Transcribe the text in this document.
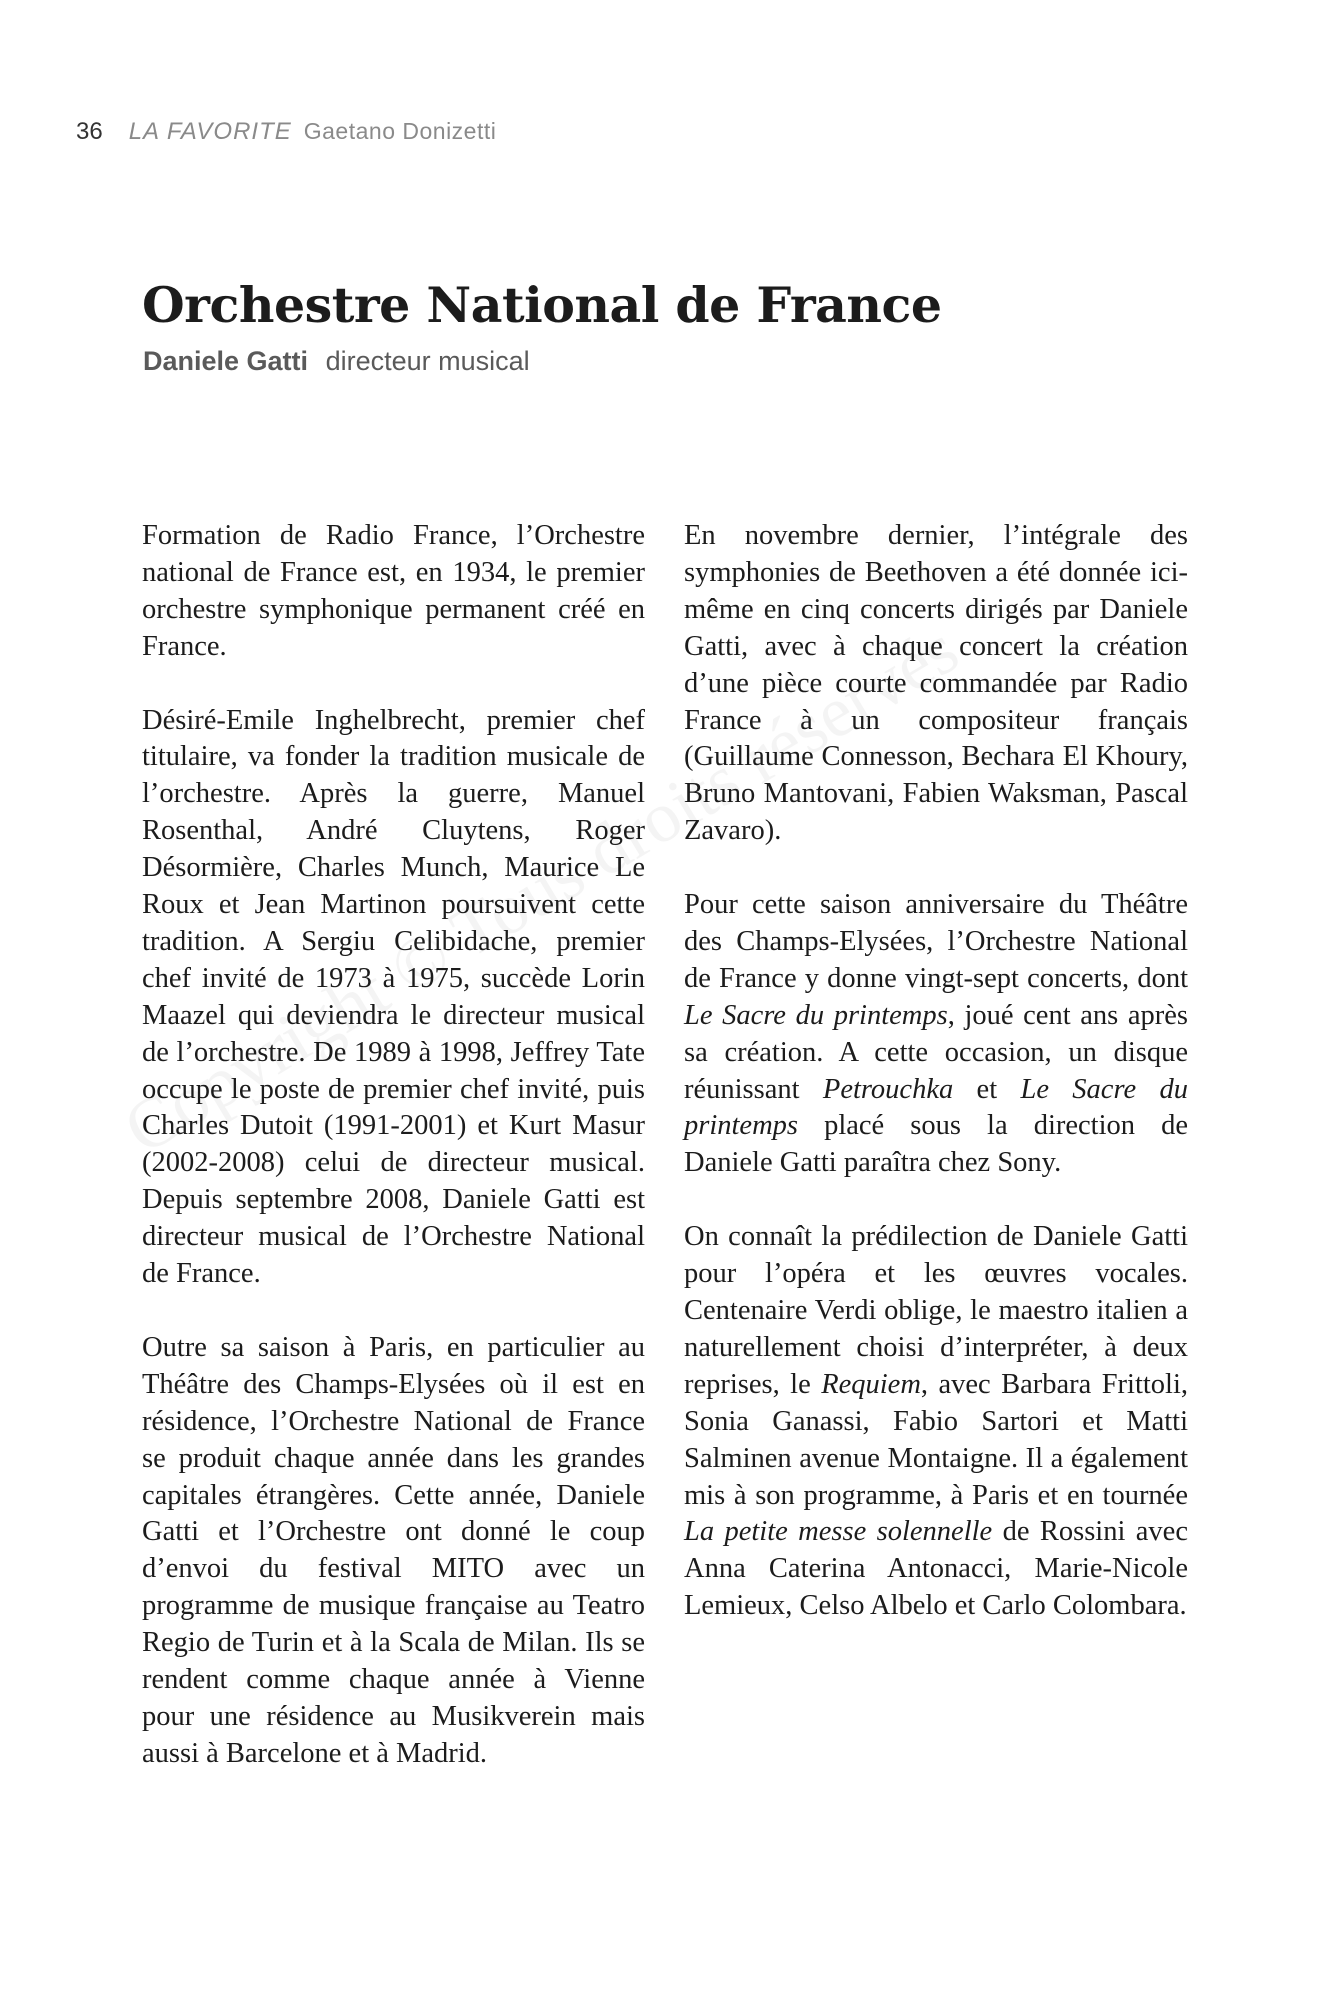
36 LA FAVORITE Gaetano Donizetti
Orchestre National de France
Daniele Gatti directeur musical

Formation de Radio France, l’Orchestre national de France est, en 1934, le premier orchestre symphonique permanent créé en France.

Désiré-Emile Inghelbrecht, premier chef titulaire, va fonder la tradition musicale de l’orchestre. Après la guerre, Manuel Rosenthal, André Cluytens, Roger Désormière, Charles Munch, Maurice Le Roux et Jean Martinon poursuivent cette tradition. A Sergiu Celibidache, premier chef invité de 1973 à 1975, succède Lorin Maazel qui deviendra le directeur musical de l’orchestre. De 1989 à 1998, Jeffrey Tate occupe le poste de premier chef invité, puis Charles Dutoit (1991-2001) et Kurt Masur (2002-2008) celui de directeur musical. Depuis septembre 2008, Daniele Gatti est directeur musical de l’Orchestre National de France.

Outre sa saison à Paris, en particulier au Théâtre des Champs-Elysées où il est en résidence, l’Orchestre National de France se produit chaque année dans les grandes capitales étrangères. Cette année, Daniele Gatti et l’Orchestre ont donné le coup d’envoi du festival MITO avec un programme de musique française au Teatro Regio de Turin et à la Scala de Milan. Ils se rendent comme chaque année à Vienne pour une résidence au Musikverein mais aussi à Barcelone et à Madrid.

En novembre dernier, l’intégrale des symphonies de Beethoven a été donnée ici-même en cinq concerts dirigés par Daniele Gatti, avec à chaque concert la création d’une pièce courte commandée par Radio France à un compositeur français (Guillaume Connesson, Bechara El Khoury, Bruno Mantovani, Fabien Waksman, Pascal Zavaro).

Pour cette saison anniversaire du Théâtre des Champs-Elysées, l’Orchestre National de France y donne vingt-sept concerts, dont Le Sacre du printemps, joué cent ans après sa création. A cette occasion, un disque réunissant Petrouchka et Le Sacre du printemps placé sous la direction de Daniele Gatti paraîtra chez Sony.

On connaît la prédilection de Daniele Gatti pour l’opéra et les œuvres vocales. Centenaire Verdi oblige, le maestro italien a naturellement choisi d’interpréter, à deux reprises, le Requiem, avec Barbara Frittoli, Sonia Ganassi, Fabio Sartori et Matti Salminen avenue Montaigne. Il a également mis à son programme, à Paris et en tournée La petite messe solennelle de Rossini avec Anna Caterina Antonacci, Marie-Nicole Lemieux, Celso Albelo et Carlo Colombara.
